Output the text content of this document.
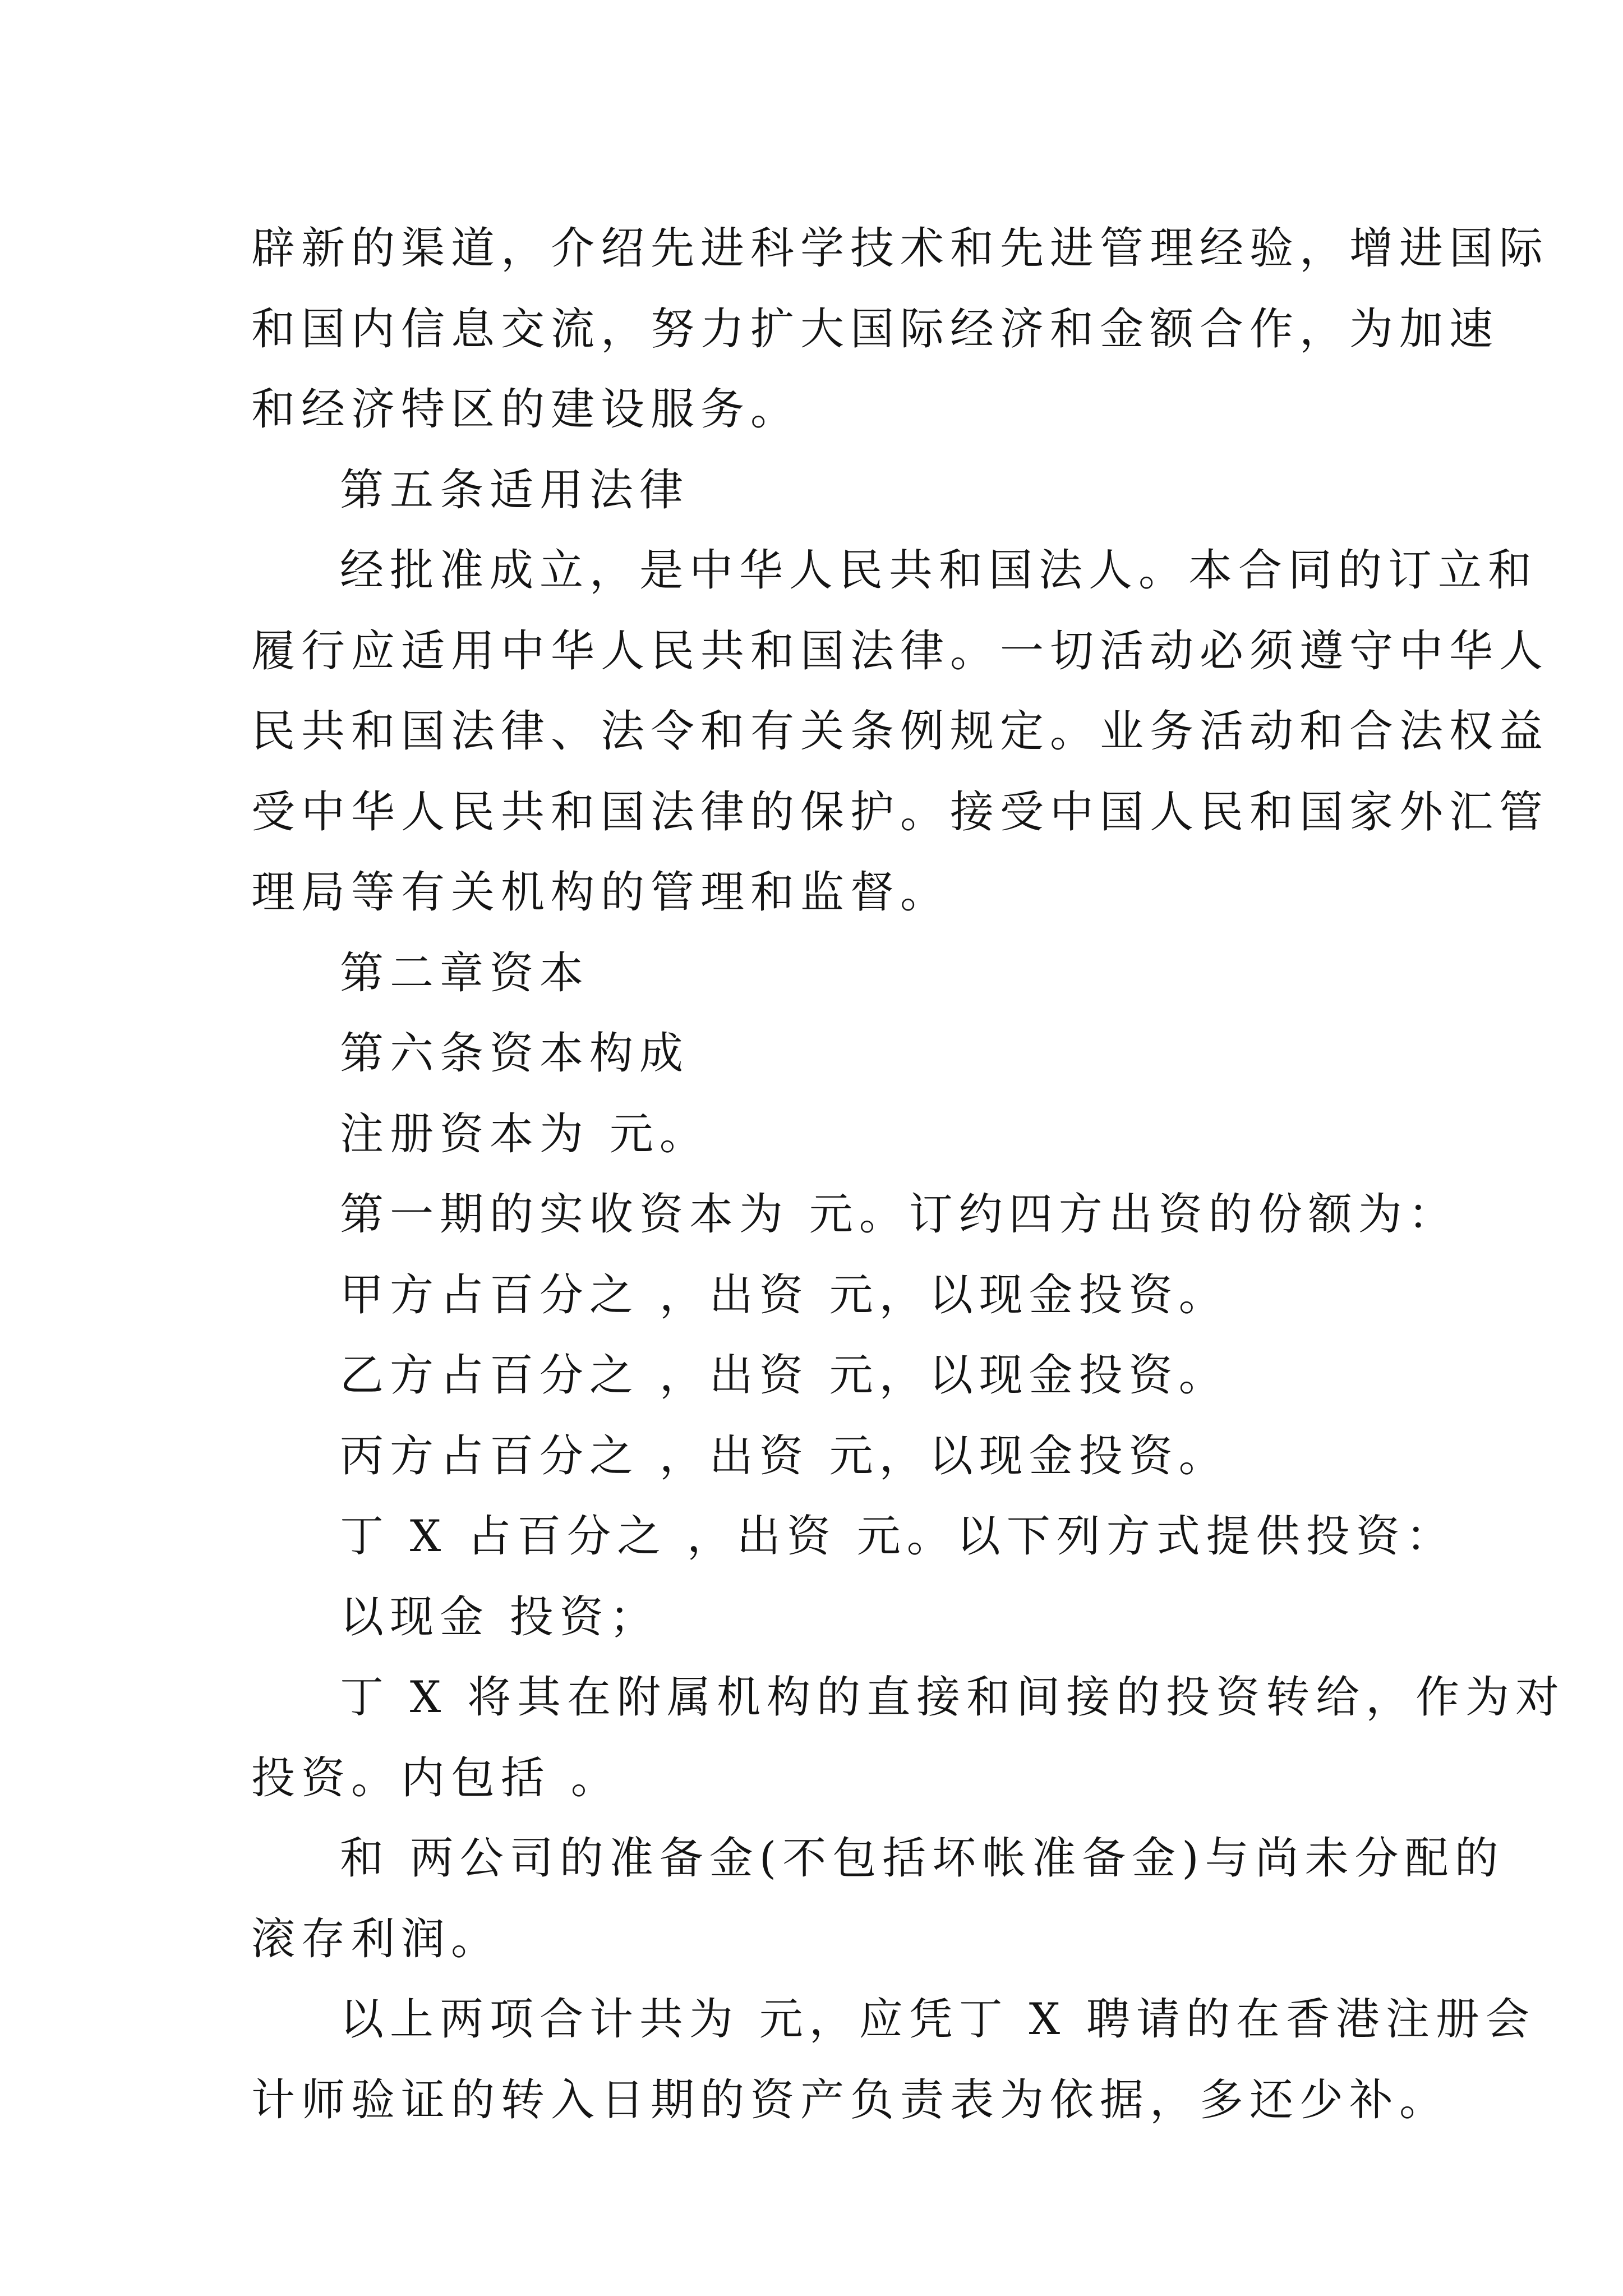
辟新的渠道，介绍先进科学技术和先进管理经验，增进国际

和国内信息交流，努力扩大国际经济和金额合作，为加速

和经济特区的建设服务。

第五条适用法律

经批准成立，是中华人民共和国法人。本合同的订立和

履行应适用中华人民共和国法律。一切活动必须遵守中华人

民共和国法律、法令和有关条例规定。业务活动和合法权益

受中华人民共和国法律的保护。接受中国人民和国家外汇管

理局等有关机构的管理和监督。

第二章资本

第六条资本构成

注册资本为 元。

第一期的实收资本为 元。订约四方出资的份额为：

甲方占百分之 ，出资 元，以现金投资。

乙方占百分之 ，出资 元，以现金投资。

丙方占百分之 ，出资 元，以现金投资。

丁 X 占百分之 ，出资 元。以下列方式提供投资：

以现金 投资；

丁 X 将其在附属机构的直接和间接的投资转给，作为对

投资。内包括 。

和 两公司的准备金(不包括坏帐准备金)与尚未分配的

滚存利润。

以上两项合计共为 元，应凭丁 X 聘请的在香港注册会

计师验证的转入日期的资产负责表为依据，多还少补。
